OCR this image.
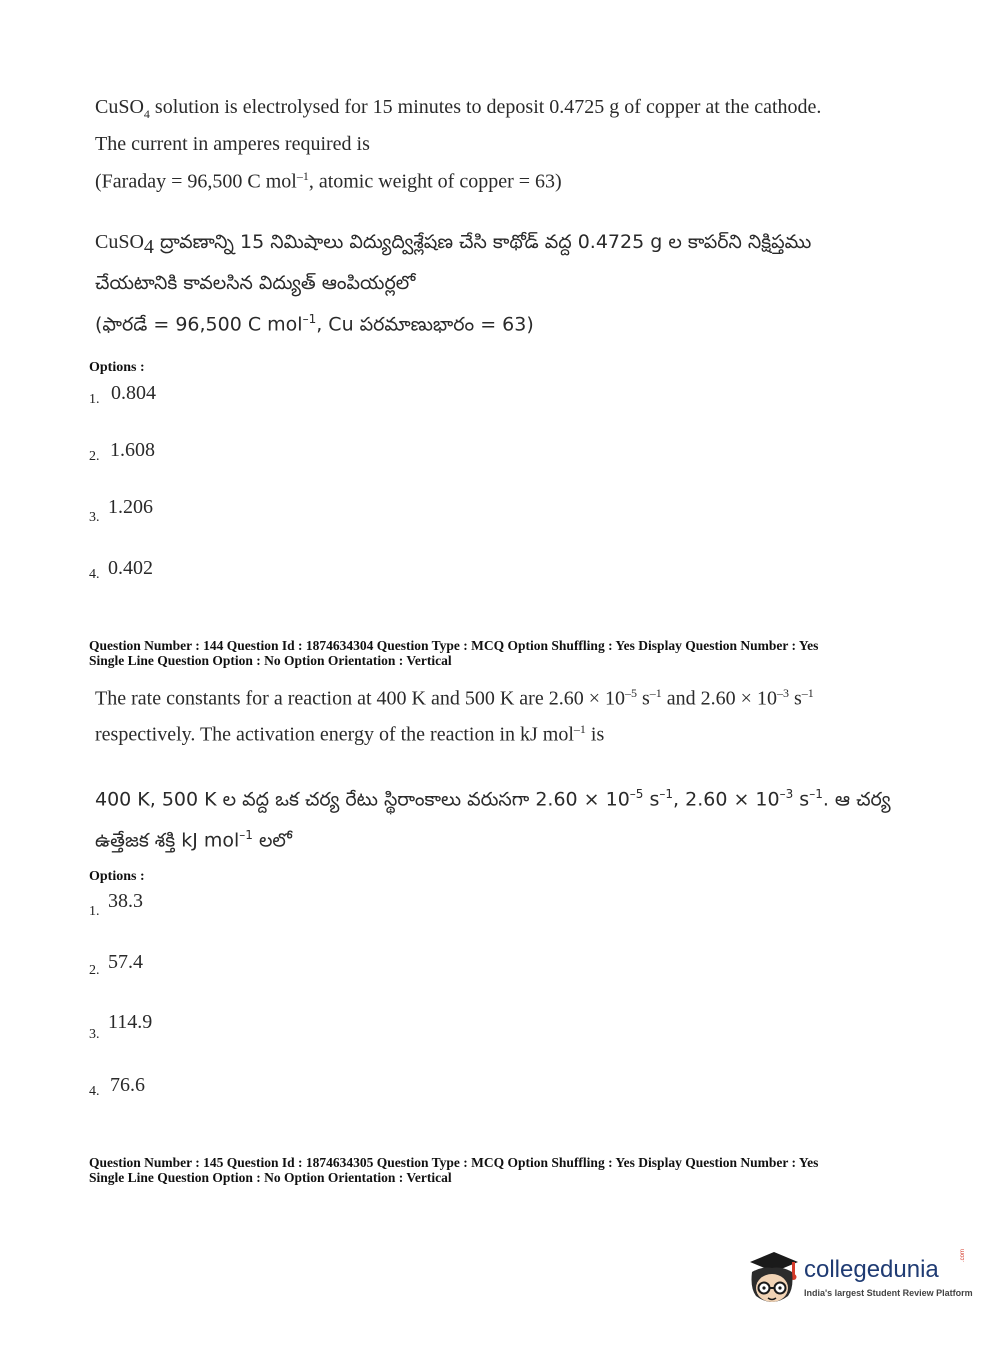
CuSO$_4$ solution is electrolysed for 15 minutes to deposit 0.4725 g of copper at the cathode.
The current in amperes required is
(Faraday = 96,500 C mol$^{-1}$, atomic weight of copper = 63)
CuSO$_4$ ద్రావణాన్ని 15 నిమిషాలు విద్యుద్విశ్లేషణ చేసి కాథోడ్ వద్ద 0.4725 g ల కాపర్‌ని నిక్షిప్తము
చేయటానికి కావలసిన విద్యుత్ ఆంపియర్లలో
(ఫారడే = 96,500 C mol$^{-1}$, Cu పరమాణుభారం = 63)
Options :
1. 0.804
2. 1.608
3. 1.206
4. 0.402
Question Number : 144 Question Id : 1874634304 Question Type : MCQ Option Shuffling : Yes Display Question Number : Yes
Single Line Question Option : No Option Orientation : Vertical
The rate constants for a reaction at 400 K and 500 K are $2.60 \times 10^{-5}$ $s^{-1}$ and $2.60 \times 10^{-3}$ $s^{-1}$
respectively. The activation energy of the reaction in kJ mol$^{-1}$ is
400 K, 500 K ల వద్ద ఒక చర్య రేటు స్థిరాంకాలు వరుసగా $2.60 \times 10^{-5}$ $s^{-1}$, $2.60 \times 10^{-3}$ $s^{-1}$. ఆ చర్య
ఉత్తేజక శక్తి kJ mol$^{-1}$ లలో
Options :
1. 38.3
2. 57.4
3.
114.9
4. 76.6
Question Number : 145 Question Id : 1874634305 Question Type : MCQ Option Shuffling : Yes Display Question Number : Yes
Single Line Question Option : No Option Orientation : Vertical
collegedunia
.com
India's largest Student Review Platform
